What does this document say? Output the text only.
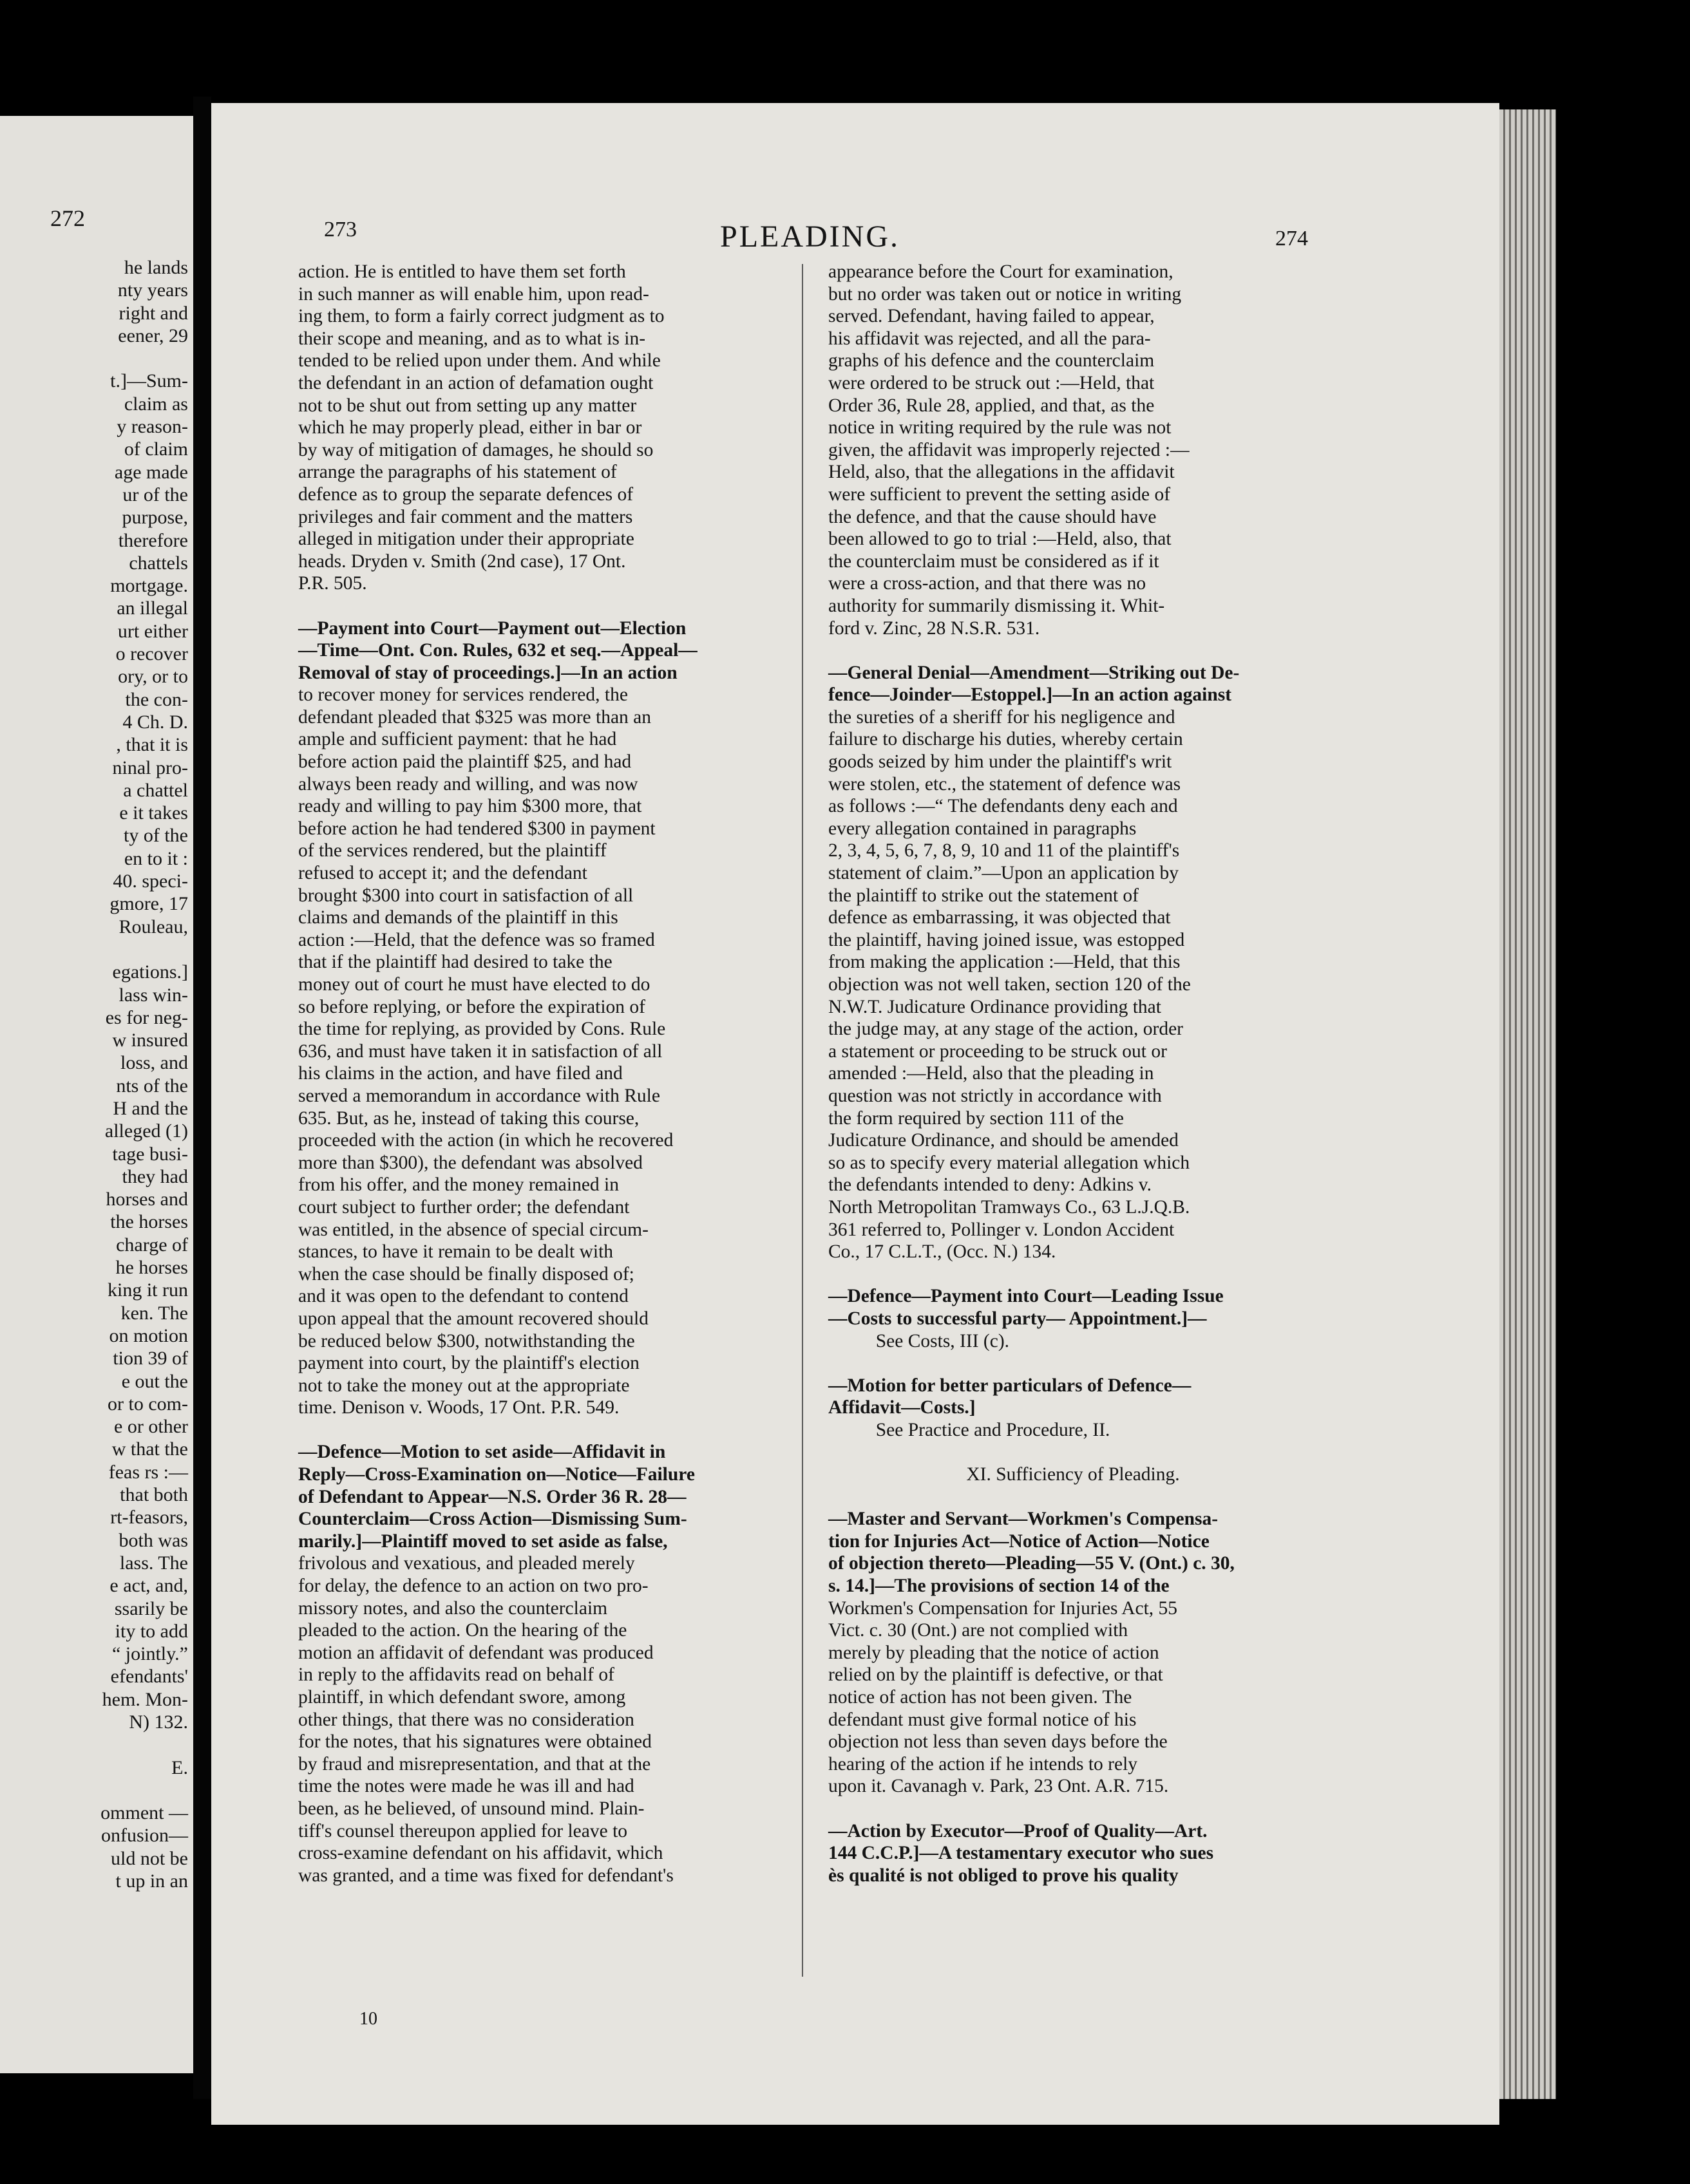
272
he lands
nty years
right and
eener, 29

t.]—Sum-
claim as
y reason-
of claim
age made
ur of the
purpose,
therefore
chattels
mortgage.
an illegal
urt either
o recover
ory, or to
the con-
4 Ch. D.
, that it is
ninal pro-
a chattel
e it takes
ty of the
en to it :
40. speci-
gmore, 17
Rouleau,

egations.]
lass win-
es for neg-
w insured
loss, and
nts of the
H and the
alleged (1)
tage busi-
they had
horses and
the horses
charge of
he horses
king it run
ken. The
on motion
tion 39 of
e out the
or to com-
e or other
w that the
feas rs :—
that both
rt-feasors,
both was
lass. The
e act, and,
ssarily be
ity to add
“ jointly.”
efendants'
hem. Mon-
N) 132.

E.

omment —
onfusion—
uld not be
t up in an
273	PLEADING.	274
action. He is entitled to have them set forth
in such manner as will enable him, upon read-
ing them, to form a fairly correct judgment as to
their scope and meaning, and as to what is in-
tended to be relied upon under them. And while
the defendant in an action of defamation ought
not to be shut out from setting up any matter
which he may properly plead, either in bar or
by way of mitigation of damages, he should so
arrange the paragraphs of his statement of
defence as to group the separate defences of
privileges and fair comment and the matters
alleged in mitigation under their appropriate
heads. Dryden v. Smith (2nd case), 17 Ont.
P.R. 505.
—Payment into Court—Payment out—Election
—Time—Ont. Con. Rules, 632 et seq.—Appeal—
Removal of stay of proceedings.]—In an action
to recover money for services rendered, the
defendant pleaded that $325 was more than an
ample and sufficient payment: that he had
before action paid the plaintiff $25, and had
always been ready and willing, and was now
ready and willing to pay him $300 more, that
before action he had tendered $300 in payment
of the services rendered, but the plaintiff
refused to accept it; and the defendant
brought $300 into court in satisfaction of all
claims and demands of the plaintiff in this
action :—Held, that the defence was so framed
that if the plaintiff had desired to take the
money out of court he must have elected to do
so before replying, or before the expiration of
the time for replying, as provided by Cons. Rule
636, and must have taken it in satisfaction of all
his claims in the action, and have filed and
served a memorandum in accordance with Rule
635. But, as he, instead of taking this course,
proceeded with the action (in which he recovered
more than $300), the defendant was absolved
from his offer, and the money remained in
court subject to further order; the defendant
was entitled, in the absence of special circum-
stances, to have it remain to be dealt with
when the case should be finally disposed of;
and it was open to the defendant to contend
upon appeal that the amount recovered should
be reduced below $300, notwithstanding the
payment into court, by the plaintiff's election
not to take the money out at the appropriate
time. Denison v. Woods, 17 Ont. P.R. 549.
—Defence—Motion to set aside—Affidavit in
Reply—Cross-Examination on—Notice—Failure
of Defendant to Appear—N.S. Order 36 R. 28—
Counterclaim—Cross Action—Dismissing Sum-
marily.]—Plaintiff moved to set aside as false,
frivolous and vexatious, and pleaded merely
for delay, the defence to an action on two pro-
missory notes, and also the counterclaim
pleaded to the action. On the hearing of the
motion an affidavit of defendant was produced
in reply to the affidavits read on behalf of
plaintiff, in which defendant swore, among
other things, that there was no consideration
for the notes, that his signatures were obtained
by fraud and misrepresentation, and that at the
time the notes were made he was ill and had
been, as he believed, of unsound mind. Plain-
tiff's counsel thereupon applied for leave to
cross-examine defendant on his affidavit, which
was granted, and a time was fixed for defendant's
appearance before the Court for examination,
but no order was taken out or notice in writing
served. Defendant, having failed to appear,
his affidavit was rejected, and all the para-
graphs of his defence and the counterclaim
were ordered to be struck out :—Held, that
Order 36, Rule 28, applied, and that, as the
notice in writing required by the rule was not
given, the affidavit was improperly rejected :—
Held, also, that the allegations in the affidavit
were sufficient to prevent the setting aside of
the defence, and that the cause should have
been allowed to go to trial :—Held, also, that
the counterclaim must be considered as if it
were a cross-action, and that there was no
authority for summarily dismissing it. Whit-
ford v. Zinc, 28 N.S.R. 531.
—General Denial—Amendment—Striking out De-
fence—Joinder—Estoppel.]—In an action against
the sureties of a sheriff for his negligence and
failure to discharge his duties, whereby certain
goods seized by him under the plaintiff's writ
were stolen, etc., the statement of defence was
as follows :—“ The defendants deny each and
every allegation contained in paragraphs
2, 3, 4, 5, 6, 7, 8, 9, 10 and 11 of the plaintiff's
statement of claim.”—Upon an application by
the plaintiff to strike out the statement of
defence as embarrassing, it was objected that
the plaintiff, having joined issue, was estopped
from making the application :—Held, that this
objection was not well taken, section 120 of the
N.W.T. Judicature Ordinance providing that
the judge may, at any stage of the action, order
a statement or proceeding to be struck out or
amended :—Held, also that the pleading in
question was not strictly in accordance with
the form required by section 111 of the
Judicature Ordinance, and should be amended
so as to specify every material allegation which
the defendants intended to deny: Adkins v.
North Metropolitan Tramways Co., 63 L.J.Q.B.
361 referred to, Pollinger v. London Accident
Co., 17 C.L.T., (Occ. N.) 134.
—Defence—Payment into Court—Leading Issue
—Costs to successful party— Appointment.]—
See Costs, III (c).
—Motion for better particulars of Defence—
Affidavit—Costs.]
See Practice and Procedure, II.
XI. Sufficiency of Pleading.
—Master and Servant—Workmen's Compensa-
tion for Injuries Act—Notice of Action—Notice
of objection thereto—Pleading—55 V. (Ont.) c. 30,
s. 14.]—The provisions of section 14 of the
Workmen's Compensation for Injuries Act, 55
Vict. c. 30 (Ont.) are not complied with
merely by pleading that the notice of action
relied on by the plaintiff is defective, or that
notice of action has not been given. The
defendant must give formal notice of his
objection not less than seven days before the
hearing of the action if he intends to rely
upon it. Cavanagh v. Park, 23 Ont. A.R. 715.
—Action by Executor—Proof of Quality—Art.
144 C.C.P.]—A testamentary executor who sues
ès qualité is not obliged to prove his quality
10
